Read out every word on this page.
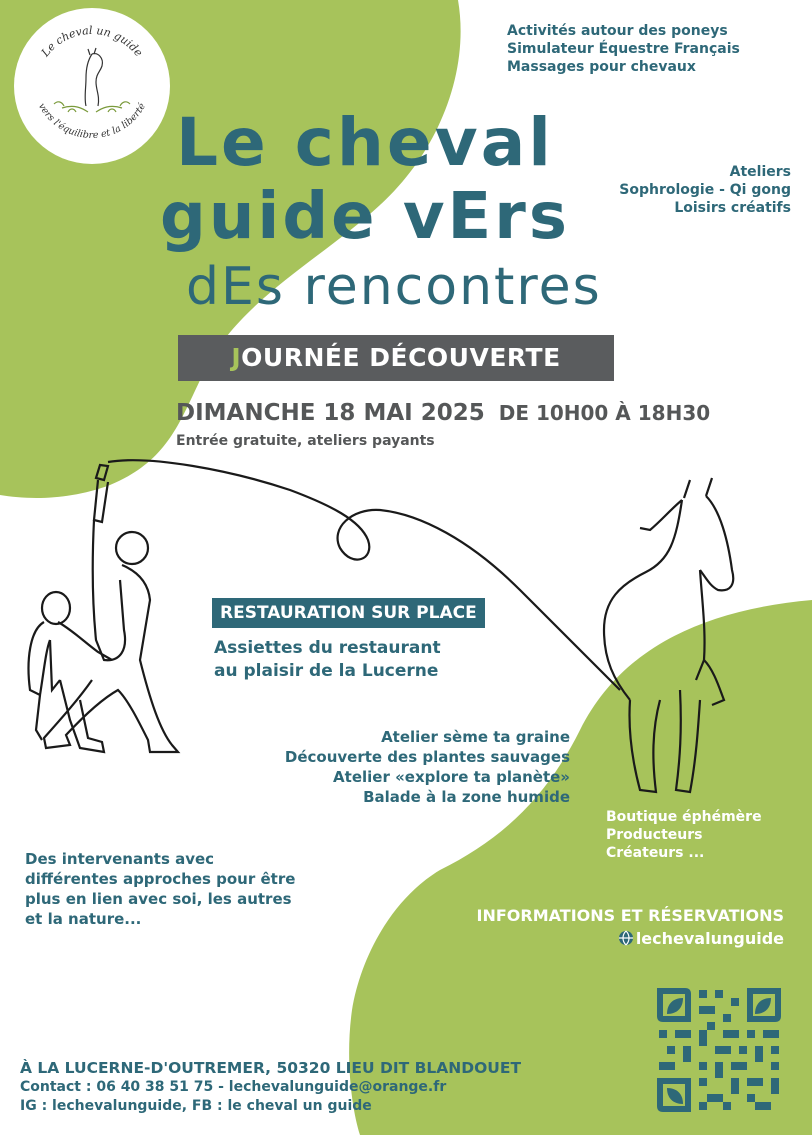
Le cheval un guide
vers l'équilibre et la liberté Le cheval
guide vErs
dEs rencontres
Activités autour des poneys
Simulateur Équestre Français
Massages pour chevaux
Ateliers
Sophrologie - Qi gong
Loisirs créatifs
JOURNÉE DÉCOUVERTE
DIMANCHE 18 MAI 2025 DE 10H00 À 18H30
Entrée gratuite, ateliers payants
RESTAURATION SUR PLACE
Assiettes du restaurant
au plaisir de la Lucerne
Atelier sème ta graine
Découverte des plantes sauvages
Atelier «explore ta planète»
Balade à la zone humide
Boutique éphémère
Producteurs
Créateurs ...
Des intervenants avec
différentes approches pour être
plus en lien avec soi, les autres
et la nature...	INFORMATIONS ET RÉSERVATIONS
lechevalunguide
À LA LUCERNE-D'OUTREMER, 50320 LIEU DIT BLANDOUET
Contact : 06 40 38 51 75 - lechevalunguide@orange.fr
IG : lechevalunguide, FB : le cheval un guide
